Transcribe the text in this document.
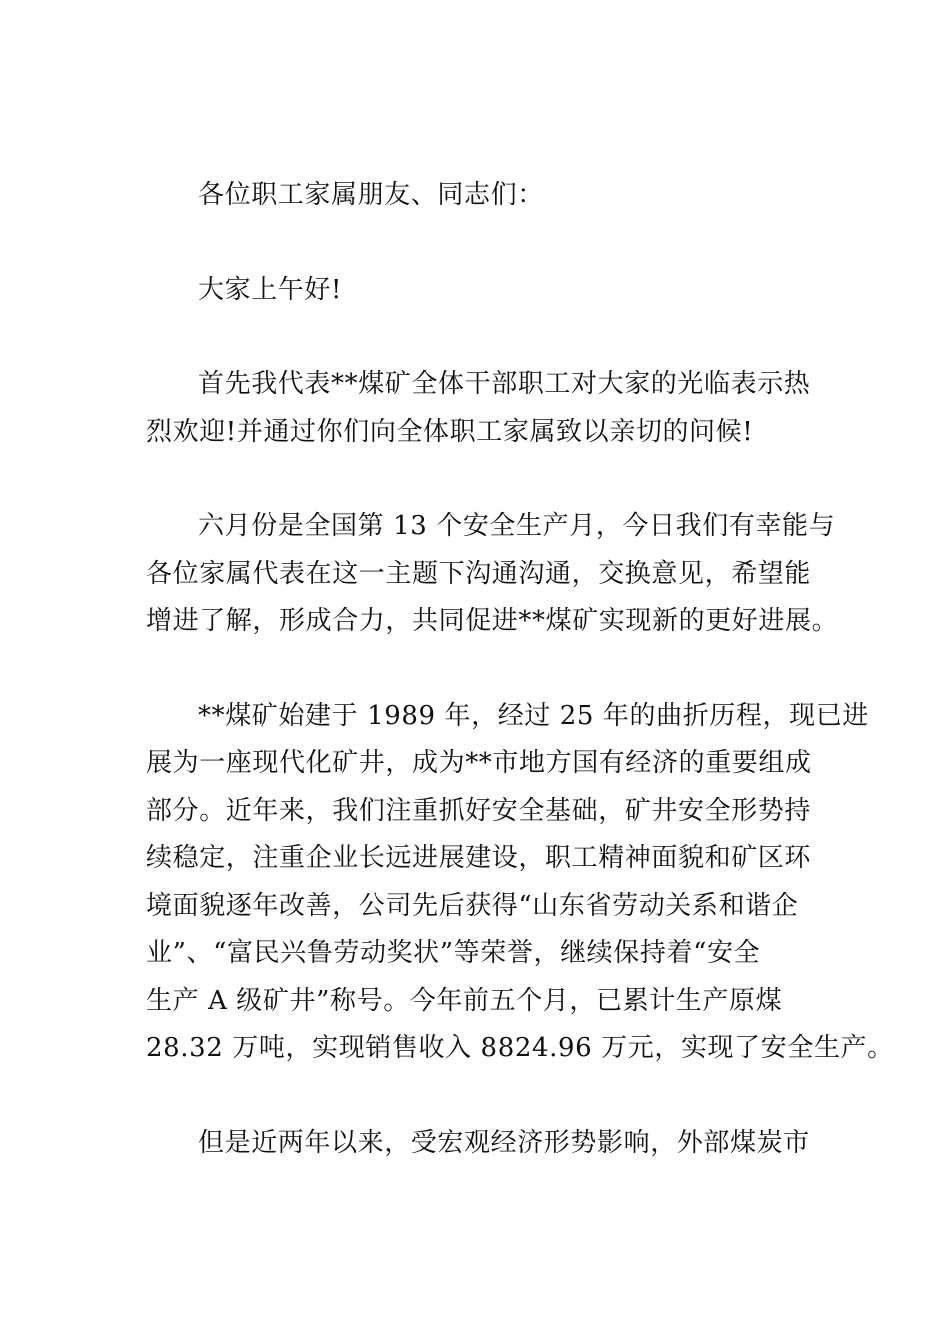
各位职工家属朋友、同志们：
大家上午好!
首先我代表**煤矿全体干部职工对大家的光临表示热
烈欢迎!并通过你们向全体职工家属致以亲切的问候!
六月份是全国第 13 个安全生产月，今日我们有幸能与
各位家属代表在这一主题下沟通沟通，交换意见，希望能
增进了解，形成合力，共同促进**煤矿实现新的更好进展。
**煤矿始建于 1989 年，经过 25 年的曲折历程，现已进
展为一座现代化矿井，成为**市地方国有经济的重要组成
部分。近年来，我们注重抓好安全基础，矿井安全形势持
续稳定，注重企业长远进展建设，职工精神面貌和矿区环
境面貌逐年改善，公司先后获得“山东省劳动关系和谐企
业”、“富民兴鲁劳动奖状”等荣誉，继续保持着“安全
生产 A 级矿井”称号。今年前五个月，已累计生产原煤
28.32 万吨，实现销售收入 8824.96 万元，实现了安全生产。
但是近两年以来，受宏观经济形势影响，外部煤炭市
